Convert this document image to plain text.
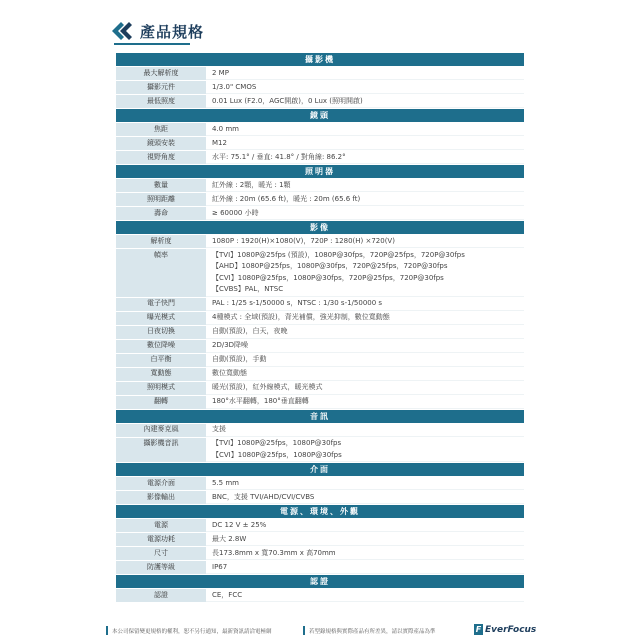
產品規格
攝影機
最大解析度	2 MP
攝影元件	1/3.0" CMOS
最低照度	0.01 Lux (F2.0，AGC開啟)，0 Lux (照明開啟)
鏡頭
焦距	4.0 mm
鏡頭安裝	M12
視野角度	水平: 75.1° / 垂直: 41.8° / 對角線: 86.2°
照明器
數量	紅外線 : 2顆，暖光 : 1顆
照明距離	紅外線 : 20m (65.6 ft)，暖光 : 20m (65.6 ft)
壽命	≥ 60000 小時
影像
解析度	1080P : 1920(H)×1080(V)，720P : 1280(H) ×720(V)
幀率	【TVI】1080P@25fps (預設)，1080P@30fps，720P@25fps，720P@30fps
【AHD】1080P@25fps，1080P@30fps，720P@25fps，720P@30fps
【CVI】1080P@25fps，1080P@30fps，720P@25fps，720P@30fps
【CVBS】PAL，NTSC
電子快門	PAL : 1/25 s-1/50000 s，NTSC : 1/30 s-1/50000 s
曝光模式	4種模式 : 全域(預設)，背光補償，強光抑制，數位寬動態
日夜切換	自動(預設)，白天，夜晚
數位降噪	2D/3D降噪
白平衡	自動(預設)，手動
寬動態	數位寬動態
照明模式	暖光(預設)，紅外線模式，暖光模式
翻轉	180°水平翻轉，180°垂直翻轉
音訊
內建麥克風	支援
攝影機音訊	【TVI】1080P@25fps，1080P@30fps
【CVI】1080P@25fps，1080P@30fps
介面
電源介面	5.5 mm
影像輸出	BNC，支援 TVI/AHD/CVI/CVBS
電源、環境、外觀
電源	DC 12 V ± 25%
電源功耗	最大 2.8W
尺寸	長173.8mm x 寬70.3mm x 高70mm
防護等級	IP67
認證
認證	CE，FCC
本公司保留變更規格的權利，恕不另行通知，最新資訊請洽電極網	若型錄規格與實際產品有所差異，請以實際產品為準	F EverFocus
